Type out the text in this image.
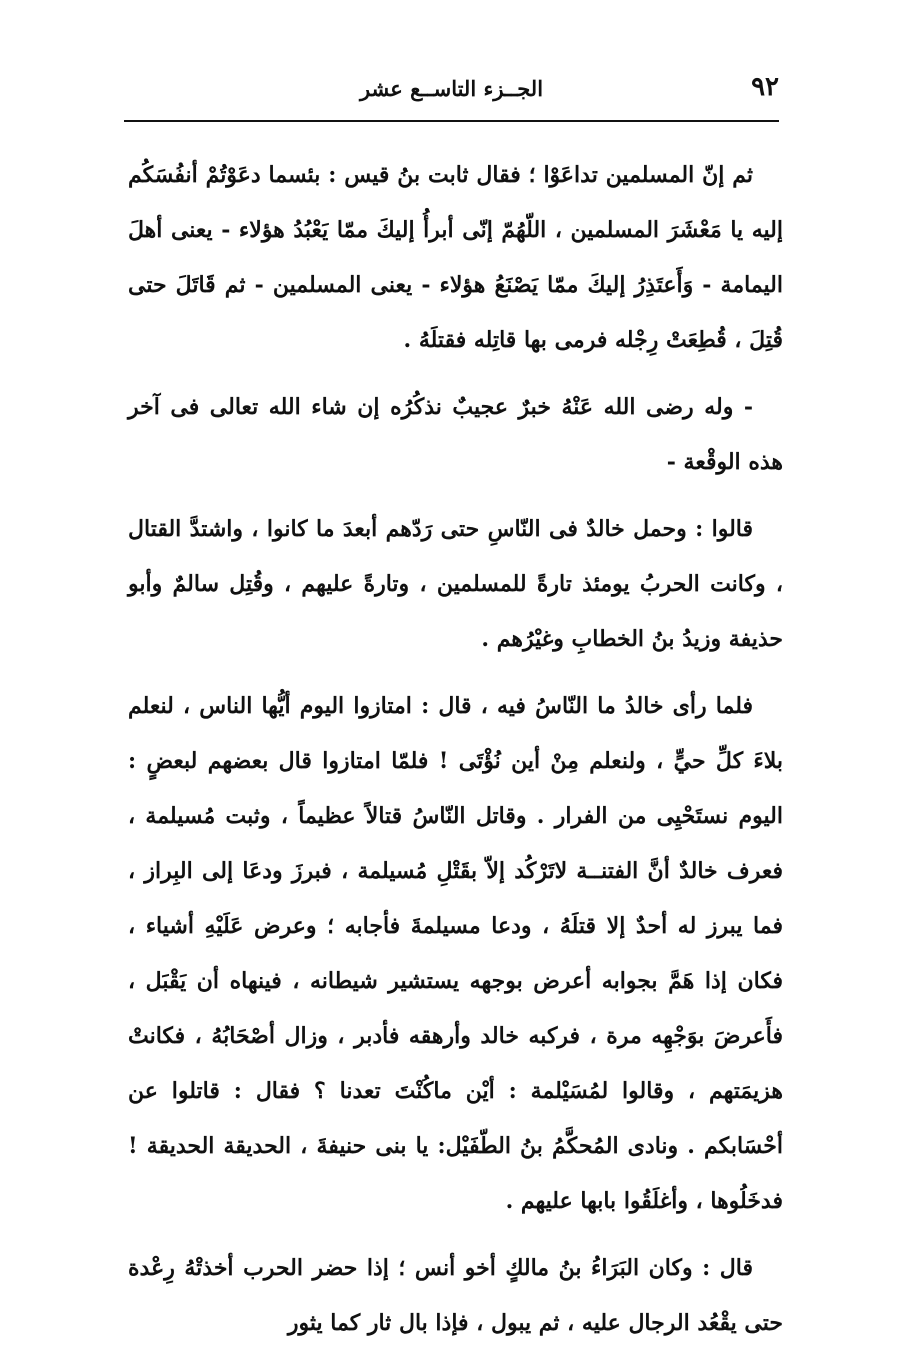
٩٢
الجــزء التاســع عشر

ثم إنّ المسلمين تداعَوْا ؛ فقال ثابت بنُ قيس : بئسما دعَوْتُمْ أنفُسَكُم إليه يا مَعْشَرَ المسلمين ، اللّهُمّ إنّى أبرأُ إليكَ ممّا يَعْبُدُ هؤلاء - يعنى أهلَ اليمامة - وَأَعتَذِرُ إليكَ ممّا يَصْنَعُ هؤلاء - يعنى المسلمين - ثم قَاتَلَ حتى قُتِلَ ، قُطِعَتْ رِجْله فرمى بها قاتِله فقتلَهُ .

- وله رضى الله عَنْهُ خبرٌ عجيبٌ نذكُرُه إن شاء الله تعالى فى آخر هذه الوقْعة -

قالوا : وحمل خالدٌ فى النّاسِ حتى رَدّهم أبعدَ ما كانوا ، واشتدَّ القتال ، وكانت الحربُ يومئذ تارةً للمسلمين ، وتارةً عليهم ، وقُتِل سالمٌ وأبو حذيفة وزيدُ بنُ الخطابِ وغيْرُهم .

فلما رأى خالدُ ما النّاسُ فيه ، قال : امتازوا اليوم أيُّها الناس ، لنعلم بلاءَ كلِّ حيٍّ ، ولنعلم مِنْ أين نُؤْتَى ! فلمّا امتازوا قال بعضهم لبعضٍ : اليوم نستَحْيِى من الفرار . وقاتل النّاسُ قتالاً عظيماً ، وثبت مُسيلمة ، فعرف خالدٌ أنَّ الفتنــة لاتَرْكُد إلاّ بقَتْلِ مُسيلمة ، فبرزَ ودعَا إلى البِراز ، فما يبرز له أحدٌ إلا قتلَهُ ، ودعا مسيلمةَ فأجابه ؛ وعرض عَلَيْهِ أشياء ، فكان إذا هَمَّ بجوابه أعرض بوجهه يستشير شيطانه ، فينهاه أن يَقْبَل ، فأَعرضَ بوَجْهِه مرة ، فركبه خالد وأرهقه فأدبر ، وزال أصْحَابُهُ ، فكانتْ هزيمَتهم ، وقالوا لمُسَيْلمة : أيْن ماكُنْتَ تعدنا ؟ فقال : قاتلوا عن أحْسَابكم . ونادى المُحكَّمُ بنُ الطّفَيْل: يا بنى حنيفةَ ، الحديقة الحديقة ! فدخَلُوها ، وأغلَقُوا بابها عليهم .

قال : وكان البَرَاءُ بنُ مالكٍ أخو أنس ؛ إذا حضر الحرب أخذتْهُ رِعْدة حتى يقْعُد الرجال عليه ، ثم يبول ، فإذا بال ثار كما يثور
